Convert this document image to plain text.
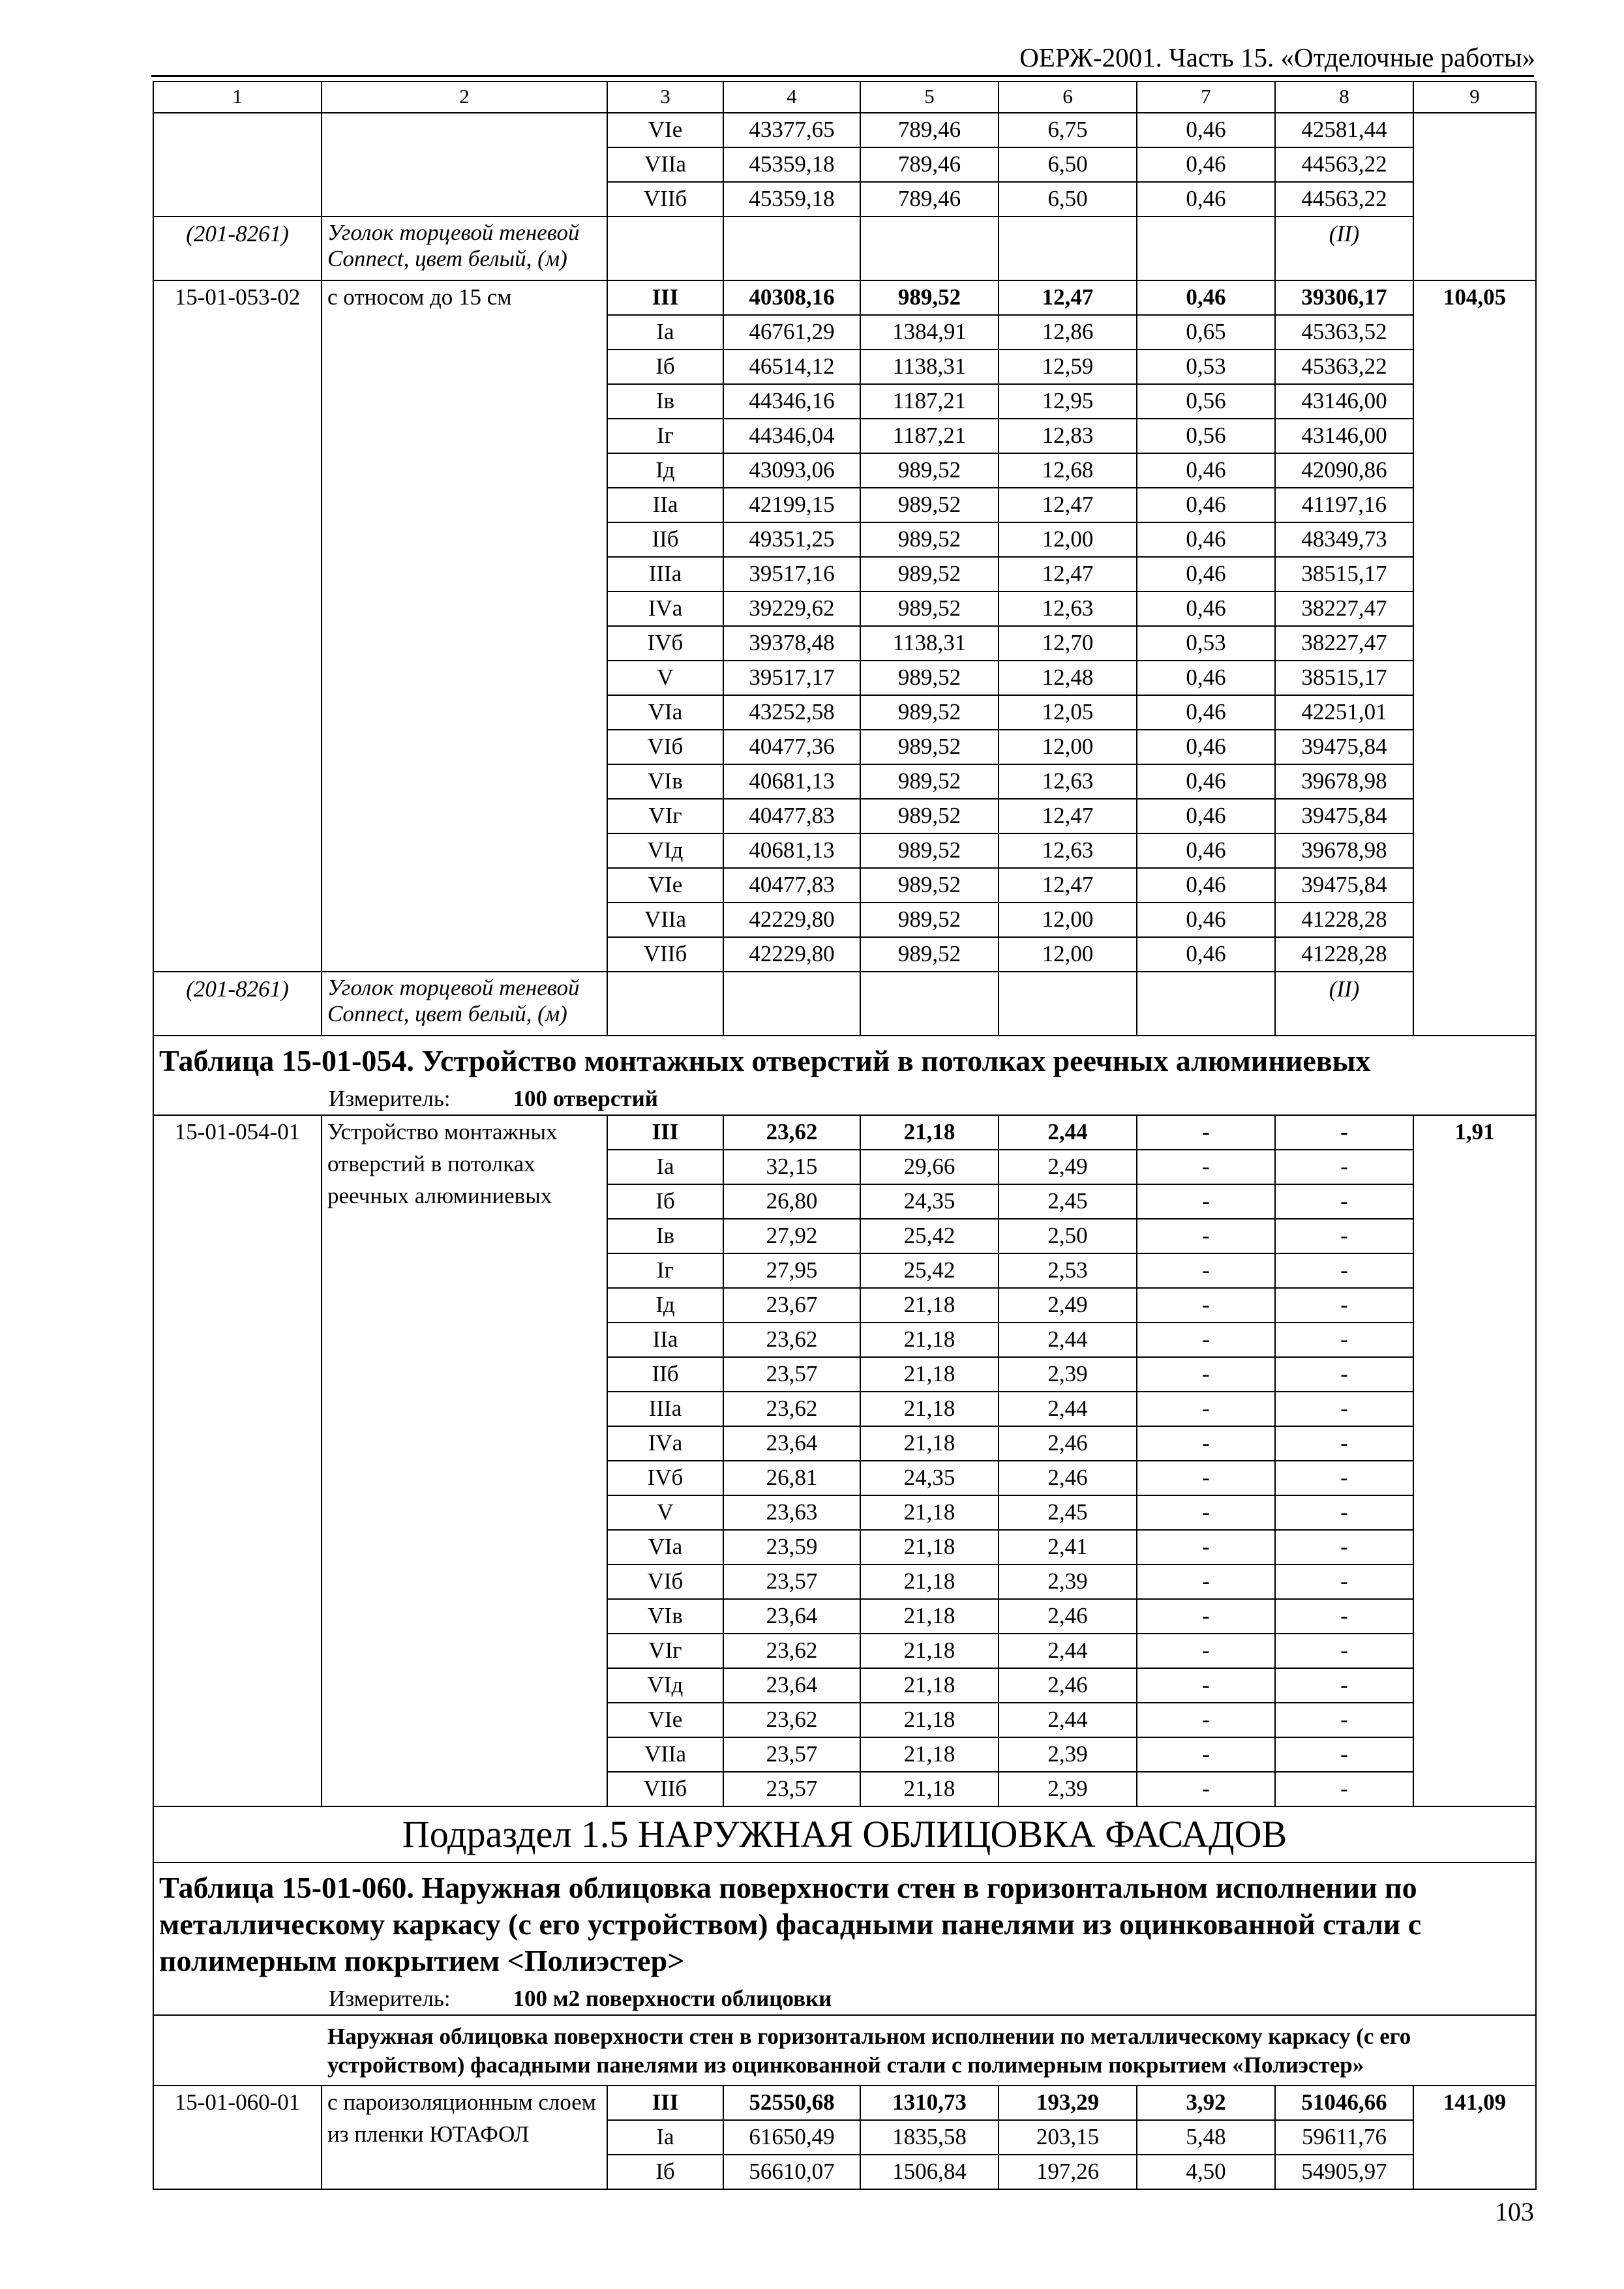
ОЕРЖ-2001. Часть 15. «Отделочные работы»
1	2	3	4	5	6	7	8	9
		VIе	43377,65	789,46	6,75	0,46	42581,44	
		VIIа	45359,18	789,46	6,50	0,46	44563,22	
		VIIб	45359,18	789,46	6,50	0,46	44563,22	
(201-8261)	Уголок торцевой теневой Connect, цвет белый, (м)						(II)	
15-01-053-02	с относом до 15 см	III	40308,16	989,52	12,47	0,46	39306,17	104,05
		Iа	46761,29	1384,91	12,86	0,65	45363,52	
		Iб	46514,12	1138,31	12,59	0,53	45363,22	
		Iв	44346,16	1187,21	12,95	0,56	43146,00	
		Iг	44346,04	1187,21	12,83	0,56	43146,00	
		Iд	43093,06	989,52	12,68	0,46	42090,86	
		IIа	42199,15	989,52	12,47	0,46	41197,16	
		IIб	49351,25	989,52	12,00	0,46	48349,73	
		IIIа	39517,16	989,52	12,47	0,46	38515,17	
		IVа	39229,62	989,52	12,63	0,46	38227,47	
		IVб	39378,48	1138,31	12,70	0,53	38227,47	
		V	39517,17	989,52	12,48	0,46	38515,17	
		VIа	43252,58	989,52	12,05	0,46	42251,01	
		VIб	40477,36	989,52	12,00	0,46	39475,84	
		VIв	40681,13	989,52	12,63	0,46	39678,98	
		VIг	40477,83	989,52	12,47	0,46	39475,84	
		VIд	40681,13	989,52	12,63	0,46	39678,98	
		VIе	40477,83	989,52	12,47	0,46	39475,84	
		VIIа	42229,80	989,52	12,00	0,46	41228,28	
		VIIб	42229,80	989,52	12,00	0,46	41228,28	
(201-8261)	Уголок торцевой теневой Connect, цвет белый, (м)						(II)	
Таблица 15-01-054. Устройство монтажных отверстий в потолках реечных алюминиевых								
Измеритель: 100 отверстий								
15-01-054-01	Устройство монтажных отверстий в потолках реечных алюминиевых	III	23,62	21,18	2,44	-	-	1,91
		Iа	32,15	29,66	2,49	-	-	
		Iб	26,80	24,35	2,45	-	-	
		Iв	27,92	25,42	2,50	-	-	
		Iг	27,95	25,42	2,53	-	-	
		Iд	23,67	21,18	2,49	-	-	
		IIа	23,62	21,18	2,44	-	-	
		IIб	23,57	21,18	2,39	-	-	
		IIIа	23,62	21,18	2,44	-	-	
		IVа	23,64	21,18	2,46	-	-	
		IVб	26,81	24,35	2,46	-	-	
		V	23,63	21,18	2,45	-	-	
		VIа	23,59	21,18	2,41	-	-	
		VIб	23,57	21,18	2,39	-	-	
		VIв	23,64	21,18	2,46	-	-	
		VIг	23,62	21,18	2,44	-	-	
		VIд	23,64	21,18	2,46	-	-	
		VIе	23,62	21,18	2,44	-	-	
		VIIа	23,57	21,18	2,39	-	-	
		VIIб	23,57	21,18	2,39	-	-	
Подраздел 1.5 НАРУЖНАЯ ОБЛИЦОВКА ФАСАДОВ								
Таблица 15-01-060. Наружная облицовка поверхности стен в горизонтальном исполнении по металлическому каркасу (с его устройством) фасадными панелями из оцинкованной стали с полимерным покрытием <Полиэстер>								
Измеритель: 100 м2 поверхности облицовки								

Наружная облицовка поверхности стен в горизонтальном исполнении по металлическому каркасу (с его устройством) фасадными панелями из оцинкованной стали с полимерным покрытием «Полиэстер»								

15-01-060-01	с пароизоляционным слоем из пленки ЮТАФОЛ	III	52550,68	1310,73	193,29	3,92	51046,66	141,09
		Iа	61650,49	1835,58	203,15	5,48	59611,76	
		Iб	56610,07	1506,84	197,26	4,50	54905,97	
103
